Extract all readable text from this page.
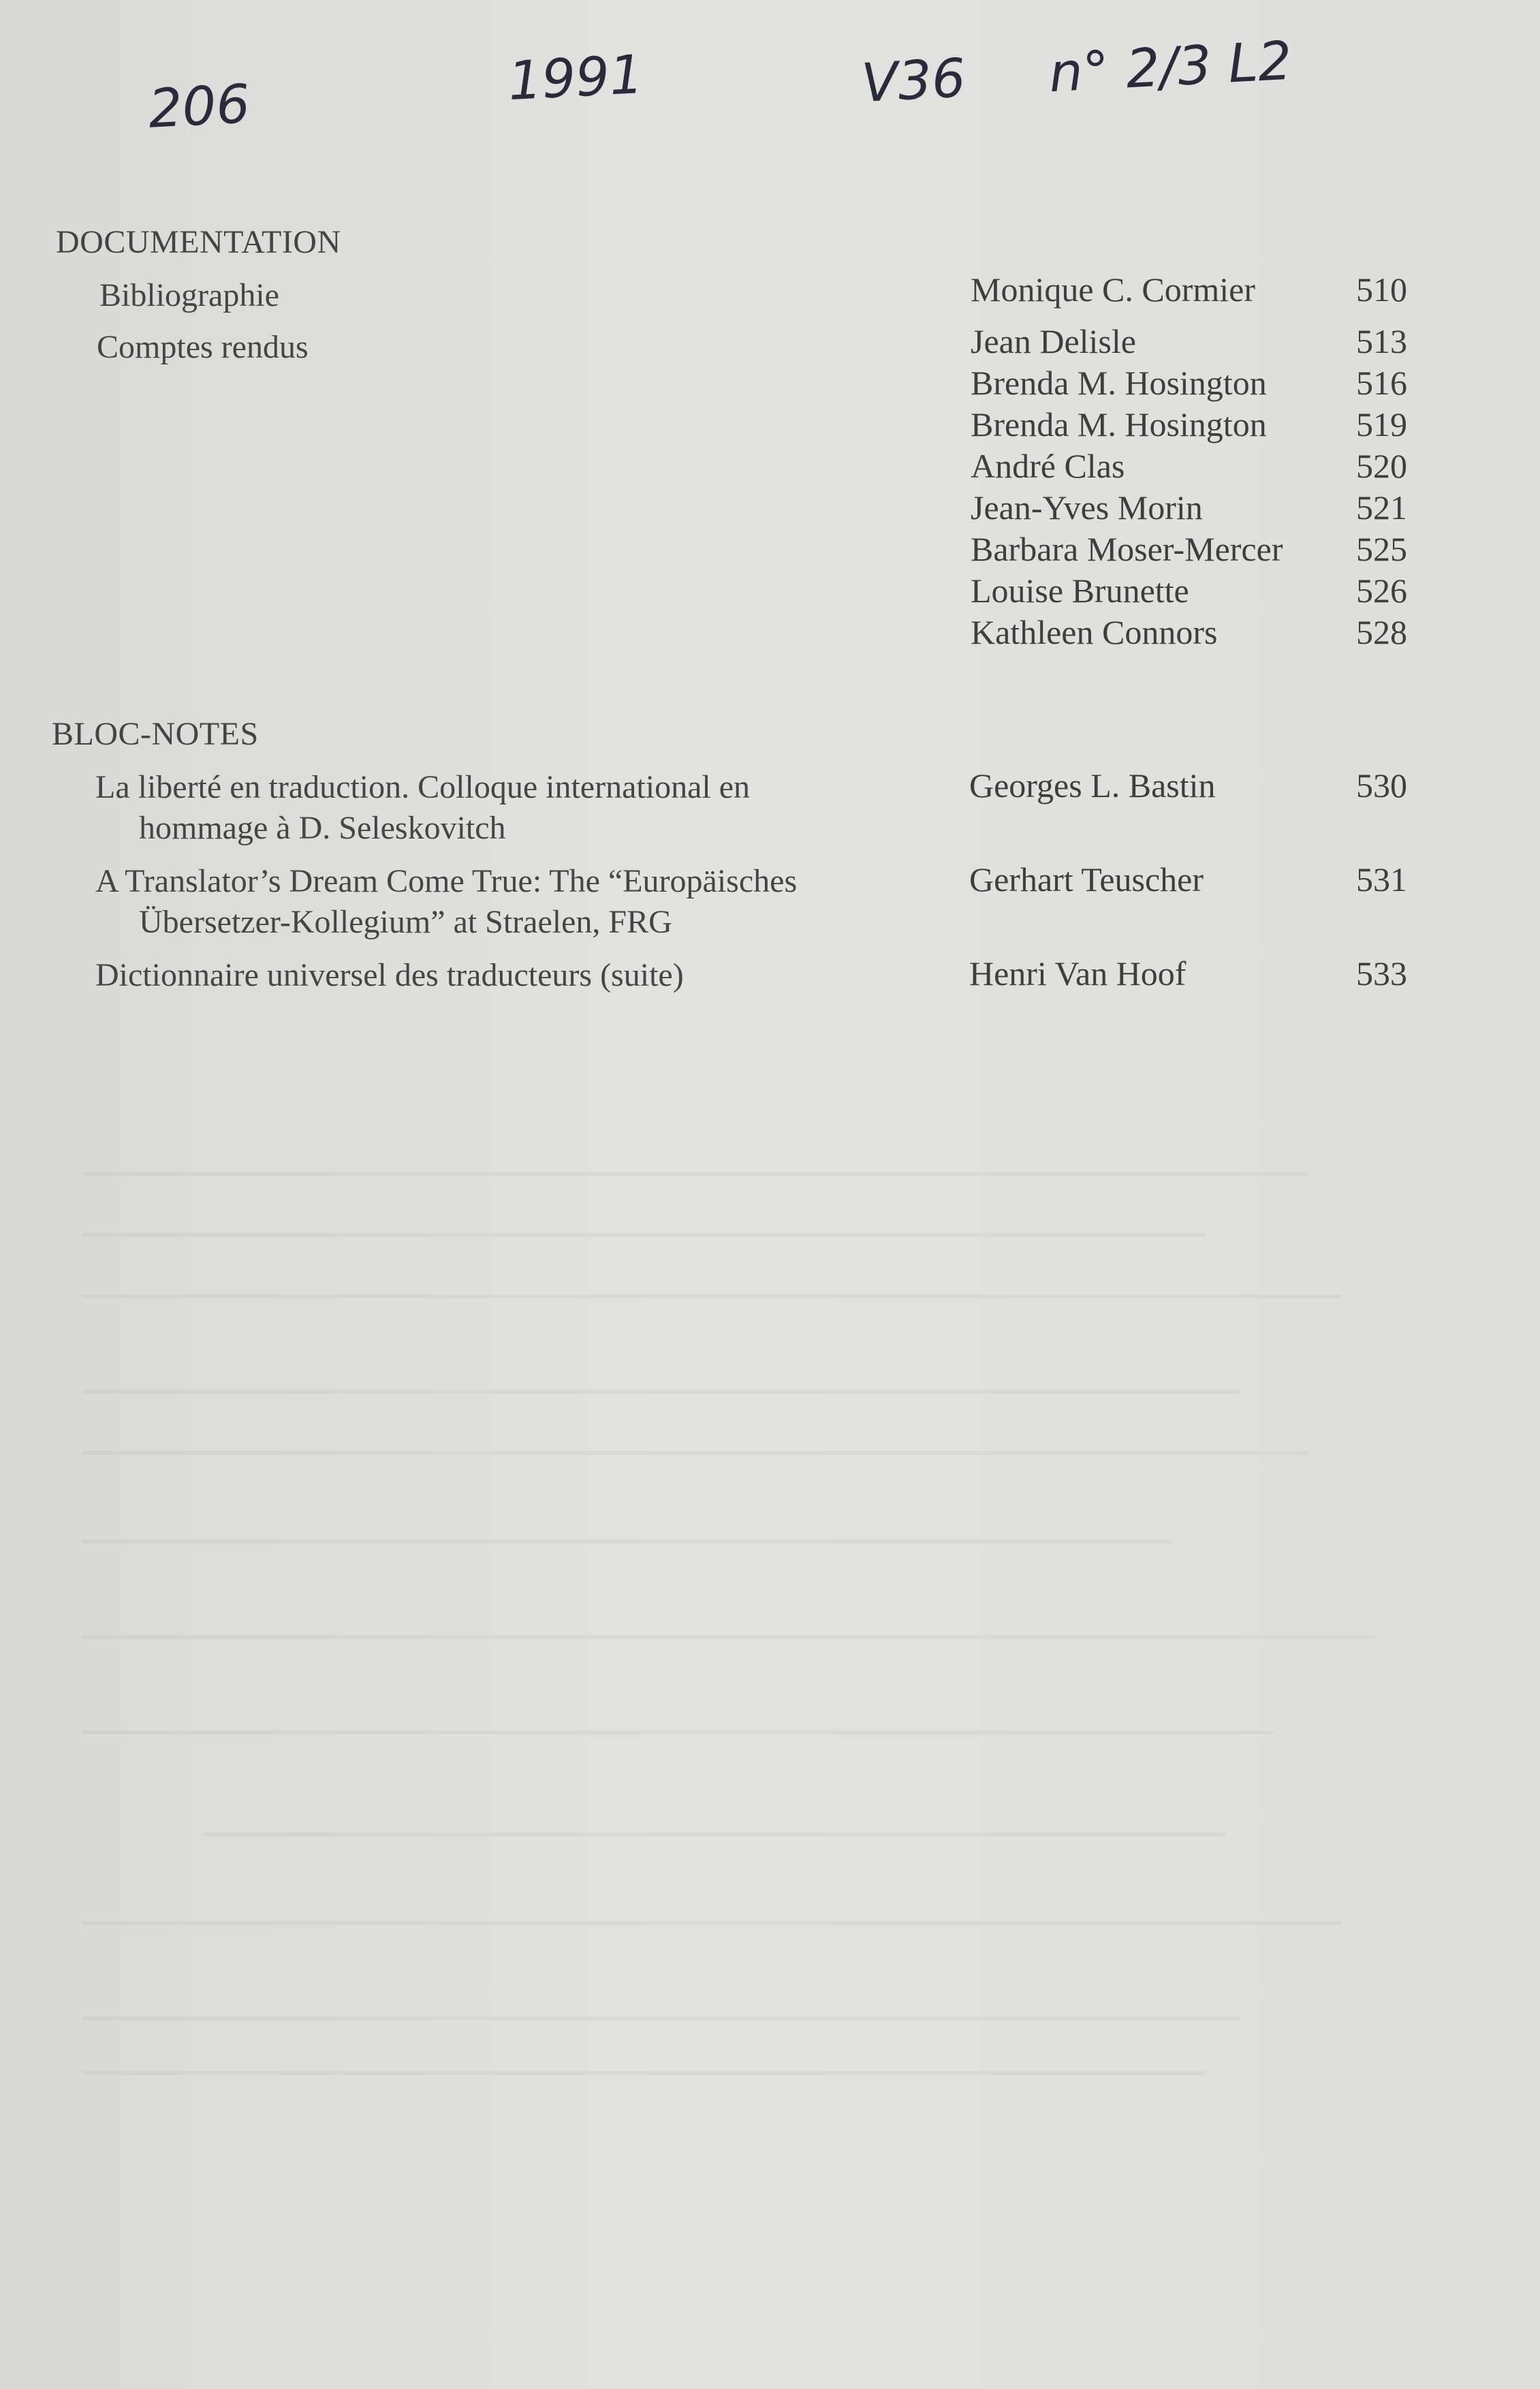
206	1991	V36 n° 2/3 L2
DOCUMENTATION
Bibliographie
Comptes rendus
Monique C. Cormier	510
Jean Delisle	513
Brenda M. Hosington	516
Brenda M. Hosington	519
André Clas	520
Jean-Yves Morin	521
Barbara Moser-Mercer	525
Louise Brunette	526
Kathleen Connors	528
BLOC-NOTES
La liberté en traduction. Colloque international en
hommage à D. Seleskovitch
Georges L. Bastin	530
A Translator’s Dream Come True: The “Europäisches
Übersetzer-Kollegium” at Straelen, FRG
Gerhart Teuscher	531
Dictionnaire universel des traducteurs (suite)	Henri Van Hoof	533
